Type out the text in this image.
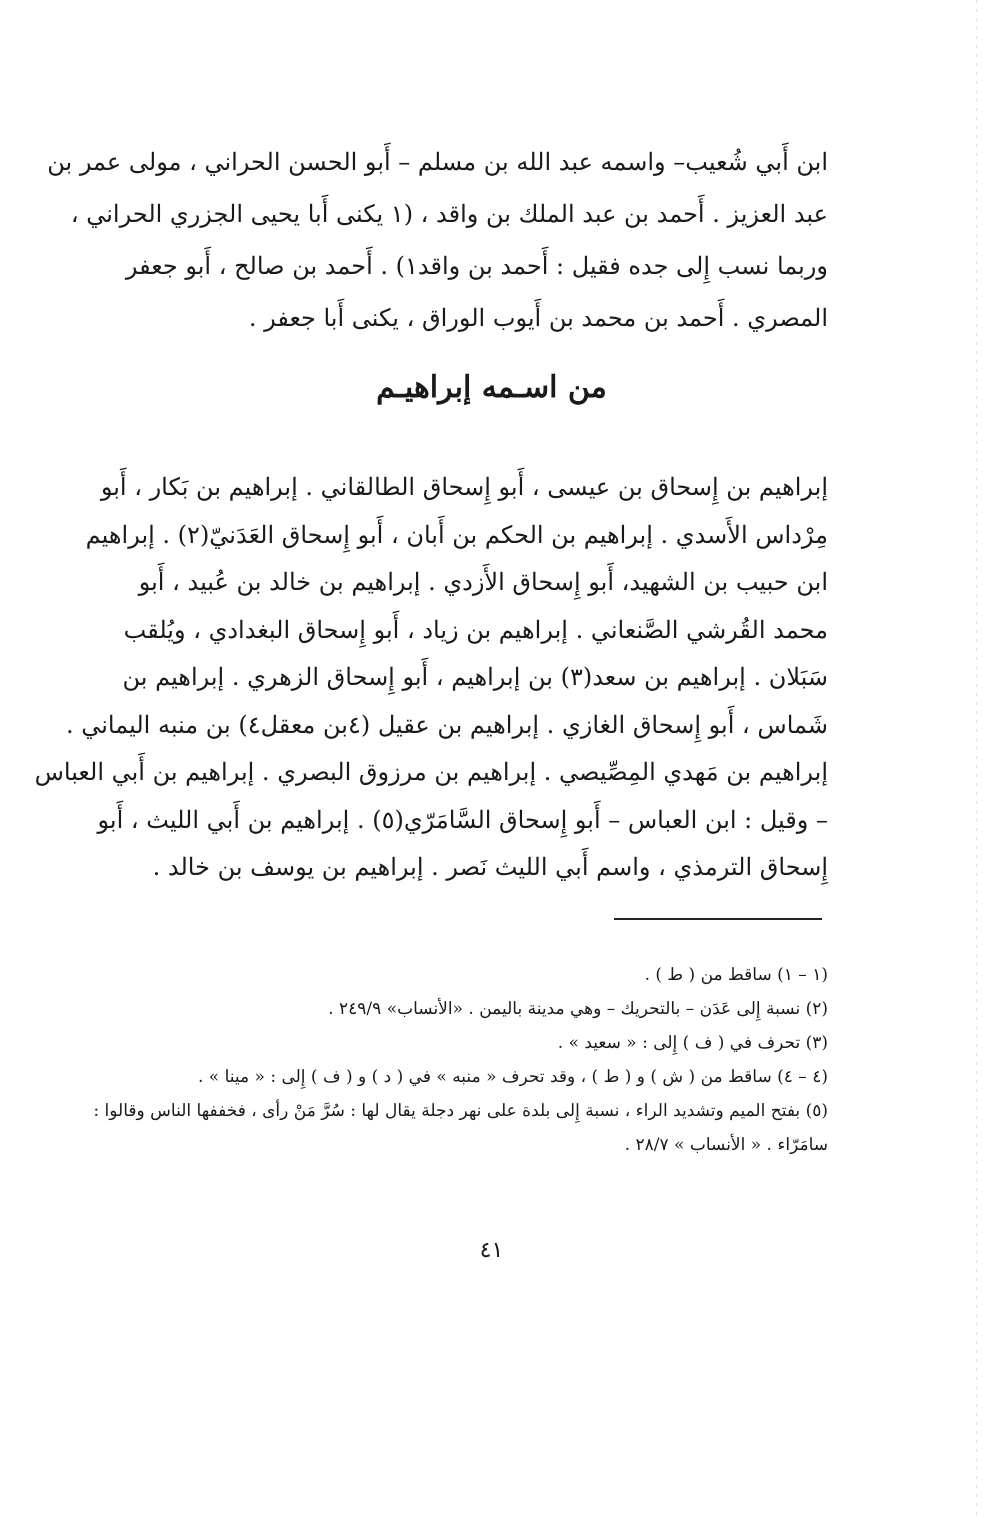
ابن أَبي شُعيب– واسمه عبد الله بن مسلم – أَبو الحسن الحراني ، مولى عمر بن
عبد العزيز . أَحمد بن عبد الملك بن واقد ، (١ يكنى أَبا يحيى الجزري الحراني ،
وربما نسب إِلى جده فقيل : أَحمد بن واقد١) . أَحمد بن صالح ، أَبو جعفر
المصري . أَحمد بن محمد بن أَيوب الوراق ، يكنى أَبا جعفر .
من اسـمه إبراهيـم
إبراهيم بن إِسحاق بن عيسى ، أَبو إِسحاق الطالقاني . إبراهيم بن بَكار ، أَبو
مِرْداس الأَسدي . إبراهيم بن الحكم بن أَبان ، أَبو إِسحاق العَدَنيّ(٢) . إبراهيم
ابن حبيب بن الشهيد، أَبو إِسحاق الأَزدي . إبراهيم بن خالد بن عُبيد ، أَبو
محمد القُرشي الصَّنعاني . إبراهيم بن زياد ، أَبو إِسحاق البغدادي ، ويُلقب
سَبَلان . إبراهيم بن سعد(٣) بن إبراهيم ، أَبو إِسحاق الزهري . إبراهيم بن
شَماس ، أَبو إِسحاق الغازي . إبراهيم بن عقيل (٤بن معقل٤) بن منبه اليماني .
إبراهيم بن مَهدي المِصِّيصي . إبراهيم بن مرزوق البصري . إبراهيم بن أَبي العباس
– وقيل : ابن العباس – أَبو إِسحاق السَّامَرّي(٥) . إبراهيم بن أَبي الليث ، أَبو
إِسحاق الترمذي ، واسم أَبي الليث نَصر . إبراهيم بن يوسف بن خالد .

(١ – ١) ساقط من ( ط ) .

(٢) نسبة إِلى عَدَن – بالتحريك – وهي مدينة باليمن . «الأنساب» ٢٤٩/٩ .

(٣) تحرف في ( ف ) إِلى : « سعيد » .

(٤ – ٤) ساقط من ( ش ) و ( ط ) ، وقد تحرف « منبه » في ( د ) و ( ف ) إِلى : « مينا » .

(٥) بفتح الميم وتشديد الراء ، نسبة إِلى بلدة على نهر دجلة يقال لها : سُرَّ مَنْ رأى ، فخففها الناس وقالوا :

سامَرّاء . « الأنساب » ٢٨/٧ .
٤١
